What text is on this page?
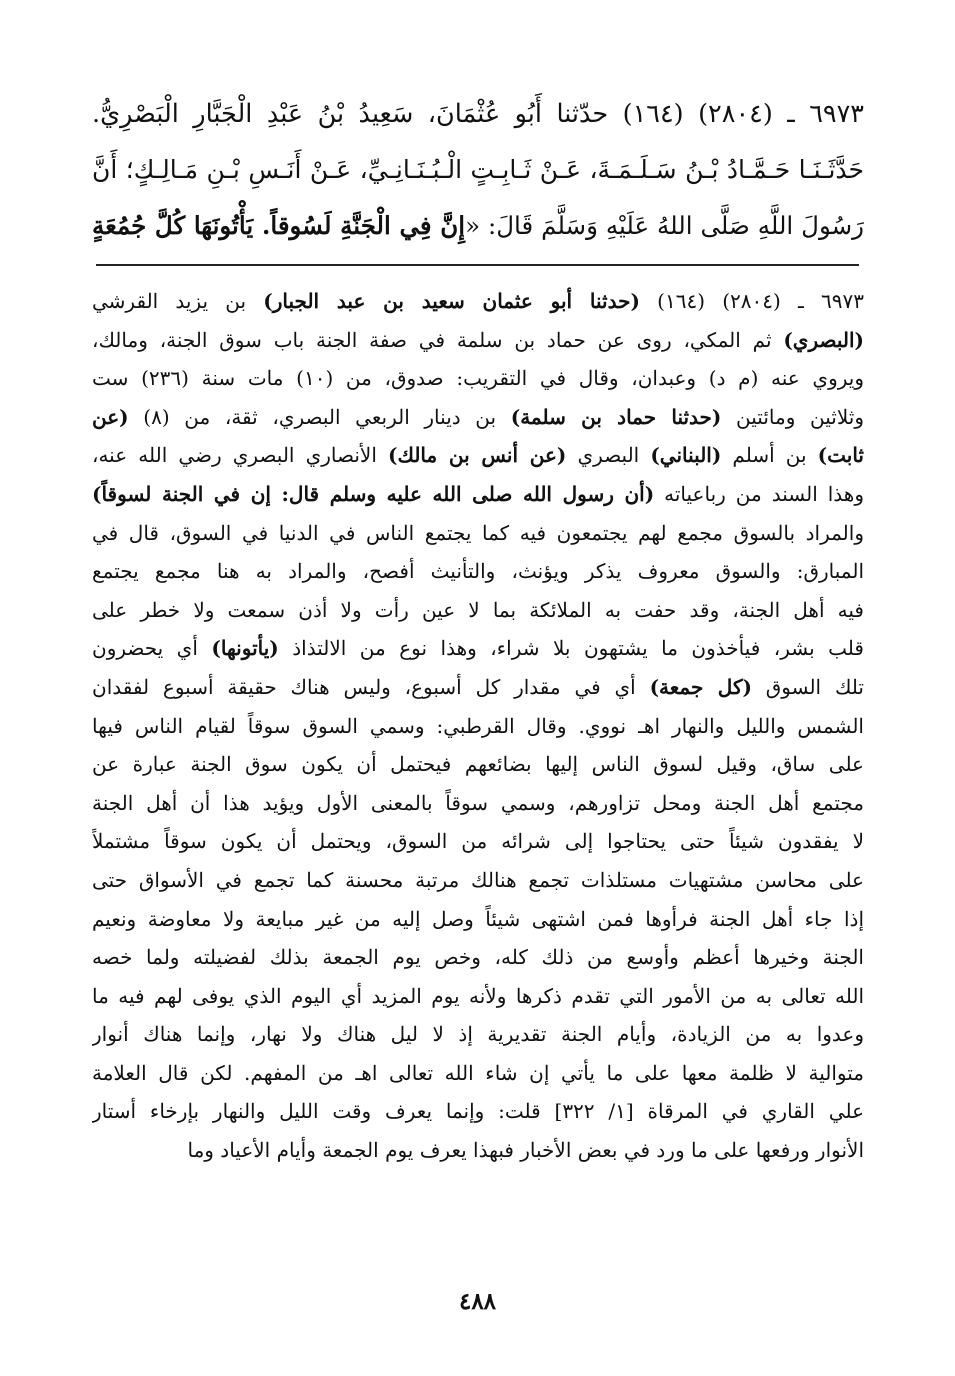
٦٩٧٣ ـ (٢٨٠٤) (١٦٤) حدّثنا أَبُو عُثْمَانَ، سَعِيدُ بْنُ عَبْدِ الْجَبَّارِ الْبَصْرِيُّ.
حَدَّثَـنَـا حَـمَّـادُ بْـنُ سَـلَـمَـةَ، عَـنْ ثَـابِـتٍ الْـبُـنَـانِـيِّ، عَـنْ أَنَـسِ بْـنِ مَـالِـكٍ؛ أَنَّ
رَسُولَ اللَّهِ صَلَّى اللهُ عَلَيْهِ وَسَلَّمَ قَالَ: «إِنَّ فِي الْجَنَّةِ لَسُوقاً. يَأْتُونَهَا كُلَّ جُمُعَةٍ
٦٩٧٣ ـ (٢٨٠٤) (١٦٤) (حدثنا أبو عثمان سعيد بن عبد الجبار) بن يزيد القرشي
(البصري) ثم المكي، روى عن حماد بن سلمة في صفة الجنة باب سوق الجنة، ومالك،
ويروي عنه (م د) وعبدان، وقال في التقريب: صدوق، من (١٠) مات سنة (٢٣٦) ست
وثلاثين ومائتين (حدثنا حماد بن سلمة) بن دينار الربعي البصري، ثقة، من (٨) (عن
ثابت) بن أسلم (البناني) البصري (عن أنس بن مالك) الأنصاري البصري رضي الله عنه،
وهذا السند من رباعياته (أن رسول الله صلى الله عليه وسلم قال: إن في الجنة لسوقاً)
والمراد بالسوق مجمع لهم يجتمعون فيه كما يجتمع الناس في الدنيا في السوق، قال في
المبارق: والسوق معروف يذكر ويؤنث، والتأنيث أفصح، والمراد به هنا مجمع يجتمع
فيه أهل الجنة، وقد حفت به الملائكة بما لا عين رأت ولا أذن سمعت ولا خطر على
قلب بشر، فيأخذون ما يشتهون بلا شراء، وهذا نوع من الالتذاذ (يأتونها) أي يحضرون
تلك السوق (كل جمعة) أي في مقدار كل أسبوع، وليس هناك حقيقة أسبوع لفقدان
الشمس والليل والنهار اهـ نووي. وقال القرطبي: وسمي السوق سوقاً لقيام الناس فيها
على ساق، وقيل لسوق الناس إليها بضائعهم فيحتمل أن يكون سوق الجنة عبارة عن
مجتمع أهل الجنة ومحل تزاورهم، وسمي سوقاً بالمعنى الأول ويؤيد هذا أن أهل الجنة
لا يفقدون شيئاً حتى يحتاجوا إلى شرائه من السوق، ويحتمل أن يكون سوقاً مشتملاً
على محاسن مشتهيات مستلذات تجمع هنالك مرتبة محسنة كما تجمع في الأسواق حتى
إذا جاء أهل الجنة فرأوها فمن اشتهى شيئاً وصل إليه من غير مبايعة ولا معاوضة ونعيم
الجنة وخيرها أعظم وأوسع من ذلك كله، وخص يوم الجمعة بذلك لفضيلته ولما خصه
الله تعالى به من الأمور التي تقدم ذكرها ولأنه يوم المزيد أي اليوم الذي يوفى لهم فيه ما
وعدوا به من الزيادة، وأيام الجنة تقديرية إذ لا ليل هناك ولا نهار، وإنما هناك أنوار
متوالية لا ظلمة معها على ما يأتي إن شاء الله تعالى اهـ من المفهم. لكن قال العلامة
علي القاري في المرقاة [١/ ٣٢٢] قلت: وإنما يعرف وقت الليل والنهار بإرخاء أستار
الأنوار ورفعها على ما ورد في بعض الأخبار فبهذا يعرف يوم الجمعة وأيام الأعياد وما
٤٨٨
